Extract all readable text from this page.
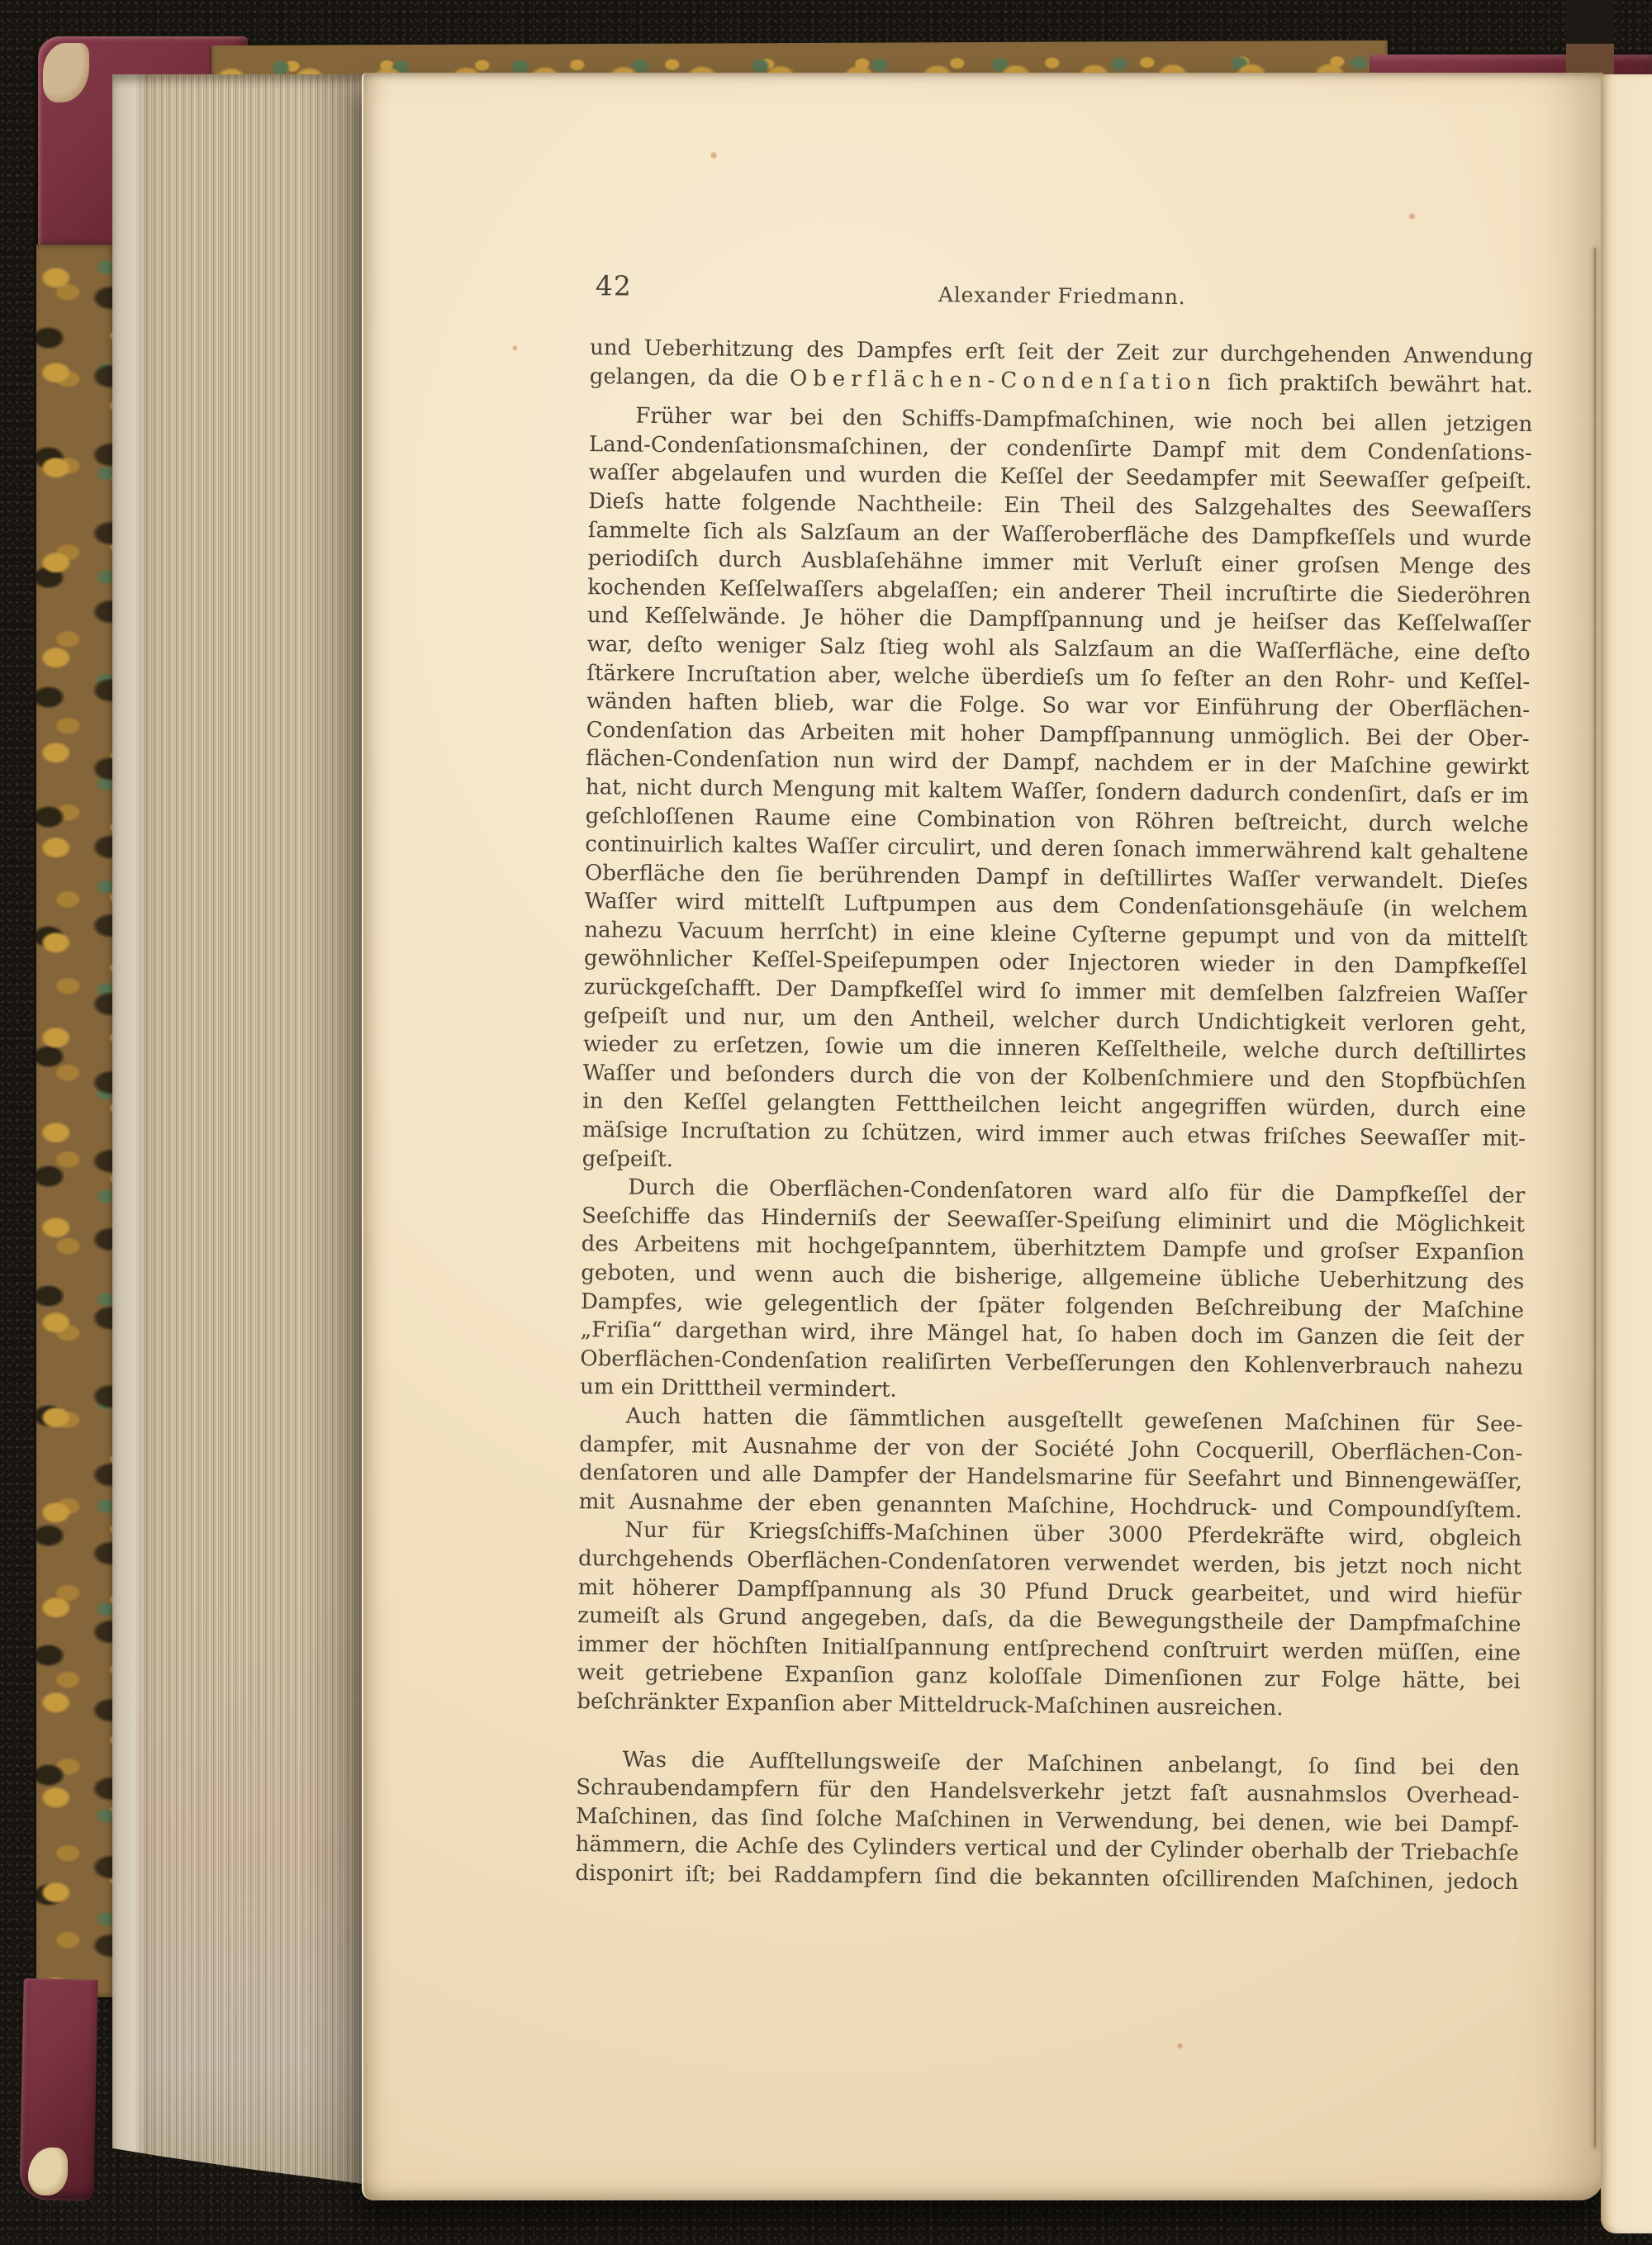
42	Alexander Friedmann.
und Ueberhitzung des Dampfes erſt ſeit der Zeit zur durchgehenden Anwendung
gelangen, da die Oberflächen-Condenſation ſich praktiſch bewährt hat.
Früher war bei den Schiffs-Dampfmaſchinen, wie noch bei allen jetzigen
Land-Condenſationsmaſchinen, der condenſirte Dampf mit dem Condenſations-
waſſer abgelaufen und wurden die Keſſel der Seedampfer mit Seewaſſer geſpeiſt.
Dieſs hatte folgende Nachtheile: Ein Theil des Salzgehaltes des Seewaſſers
ſammelte ſich als Salzſaum an der Waſſeroberfläche des Dampfkeſſels und wurde
periodiſch durch Ausblaſehähne immer mit Verluſt einer groſsen Menge des
kochenden Keſſelwaſſers abgelaſſen; ein anderer Theil incruſtirte die Siederöhren
und Keſſelwände. Je höher die Dampfſpannung und je heiſser das Keſſelwaſſer
war, deſto weniger Salz ſtieg wohl als Salzſaum an die Waſſerfläche, eine deſto
ſtärkere Incruſtation aber, welche überdieſs um ſo feſter an den Rohr- und Keſſel-
wänden haften blieb, war die Folge. So war vor Einführung der Oberflächen-
Condenſation das Arbeiten mit hoher Dampfſpannung unmöglich. Bei der Ober-
flächen-Condenſation nun wird der Dampf, nachdem er in der Maſchine gewirkt
hat, nicht durch Mengung mit kaltem Waſſer, ſondern dadurch condenſirt, daſs er im
geſchloſſenen Raume eine Combination von Röhren beſtreicht, durch welche
continuirlich kaltes Waſſer circulirt, und deren ſonach immerwährend kalt gehaltene
Oberfläche den ſie berührenden Dampf in deſtillirtes Waſſer verwandelt. Dieſes
Waſſer wird mittelſt Luftpumpen aus dem Condenſationsgehäuſe (in welchem
nahezu Vacuum herrſcht) in eine kleine Cyſterne gepumpt und von da mittelſt
gewöhnlicher Keſſel-Speiſepumpen oder Injectoren wieder in den Dampfkeſſel
zurückgeſchafft. Der Dampfkeſſel wird ſo immer mit demſelben ſalzfreien Waſſer
geſpeiſt und nur, um den Antheil, welcher durch Undichtigkeit verloren geht,
wieder zu erſetzen, ſowie um die inneren Keſſeltheile, welche durch deſtillirtes
Waſſer und beſonders durch die von der Kolbenſchmiere und den Stopfbüchſen
in den Keſſel gelangten Fetttheilchen leicht angegriffen würden, durch eine
mäſsige Incruſtation zu ſchützen, wird immer auch etwas friſches Seewaſſer mit-
geſpeiſt.
Durch die Oberflächen-Condenſatoren ward alſo für die Dampfkeſſel der
Seeſchiffe das Hinderniſs der Seewaſſer-Speiſung eliminirt und die Möglichkeit
des Arbeitens mit hochgeſpanntem, überhitztem Dampfe und groſser Expanſion
geboten, und wenn auch die bisherige, allgemeine übliche Ueberhitzung des
Dampfes, wie gelegentlich der ſpäter folgenden Beſchreibung der Maſchine
„Friſia“ dargethan wird, ihre Mängel hat, ſo haben doch im Ganzen die ſeit der
Oberflächen-Condenſation realiſirten Verbeſſerungen den Kohlenverbrauch nahezu
um ein Dritttheil vermindert.
Auch hatten die ſämmtlichen ausgeſtellt geweſenen Maſchinen für See-
dampfer, mit Ausnahme der von der Société John Cocquerill, Oberflächen-Con-
denſatoren und alle Dampfer der Handelsmarine für Seefahrt und Binnengewäſſer,
mit Ausnahme der eben genannten Maſchine, Hochdruck- und Compoundſyſtem.
Nur für Kriegsſchiffs-Maſchinen über 3000 Pferdekräfte wird, obgleich
durchgehends Oberflächen-Condenſatoren verwendet werden, bis jetzt noch nicht
mit höherer Dampfſpannung als 30 Pfund Druck gearbeitet, und wird hiefür
zumeiſt als Grund angegeben, daſs, da die Bewegungstheile der Dampfmaſchine
immer der höchſten Initialſpannung entſprechend conſtruirt werden müſſen, eine
weit getriebene Expanſion ganz koloſſale Dimenſionen zur Folge hätte, bei
beſchränkter Expanſion aber Mitteldruck-Maſchinen ausreichen.
Was die Aufſtellungsweiſe der Maſchinen anbelangt, ſo ſind bei den
Schraubendampfern für den Handelsverkehr jetzt faſt ausnahmslos Overhead-
Maſchinen, das ſind ſolche Maſchinen in Verwendung, bei denen, wie bei Dampf-
hämmern, die Achſe des Cylinders vertical und der Cylinder oberhalb der Triebachſe
disponirt iſt; bei Raddampfern ſind die bekannten oſcillirenden Maſchinen, jedoch
